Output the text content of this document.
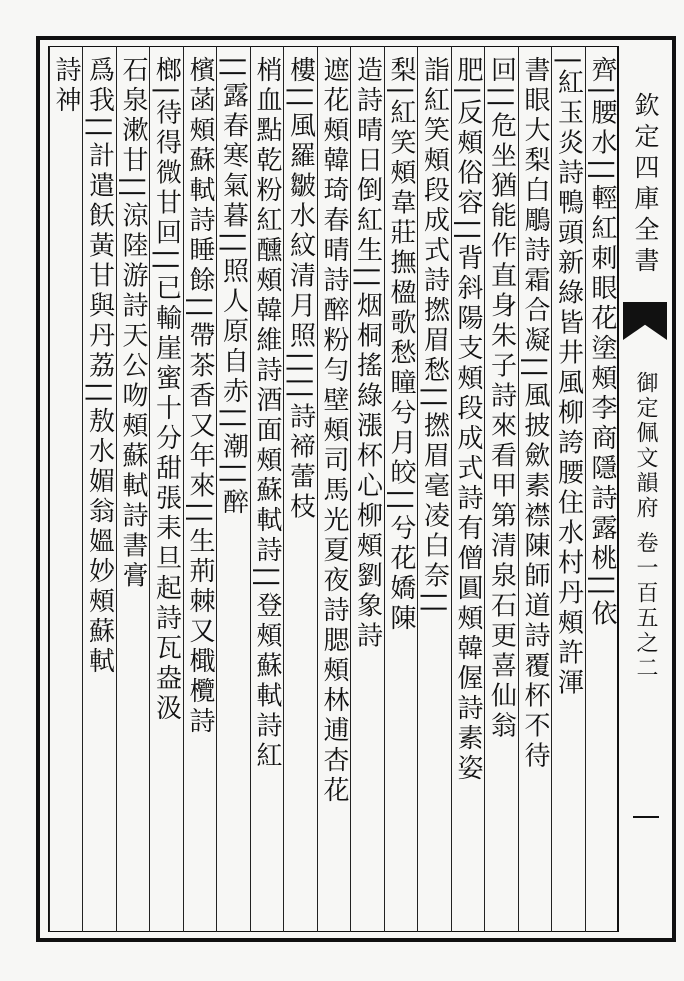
欽定四庫全書
御定佩文韻府 卷一百五之二
齊|腰水||輕紅刺眼花塗頰李商隱詩露桃||依
|紅玉炎詩鴨頭新綠皆井風柳誇腰住水村丹頰許渾
書眼大梨白鵰詩霜合凝||風披歛素襟陳師道詩覆杯不待
回||危坐猶能作直身朱子詩來看甲第清泉石更喜仙翁
肥|反頰俗容||背斜陽支頰段成式詩有僧圓頰韓偓詩素姿
詣紅笑頰段成式詩撚眉愁||撚眉毫凌白奈||
梨|紅笑頰韋莊撫楹歌愁瞳兮月皎||兮花嬌陳
造詩晴日倒紅生||烟桐搖綠漲杯心柳頰劉象詩
遮花頰韓琦春晴詩醉粉勻壁頰司馬光夏夜詩腮頰林逋杏花
樓||風羅皺水紋清月照||||詩褅蕾枝
梢血點乾粉紅醺頰韓維詩酒面頰蘇軾詩||登頰蘇軾詩紅
||露春寒氣暮||照人原自赤||潮||醉
檳菡頰蘇軾詩睡餘||帶茶香又年來||生荊棘又檝欖詩
榔|待得微甘回||已輸崖蜜十分甜張耒旦起詩瓦盎汲
石泉漱甘||涼陸游詩天公吻頰蘇軾詩書膏
爲我||計遣飫黃甘與丹荔||敖水媚翁媼妙頰蘇軾
詩神
